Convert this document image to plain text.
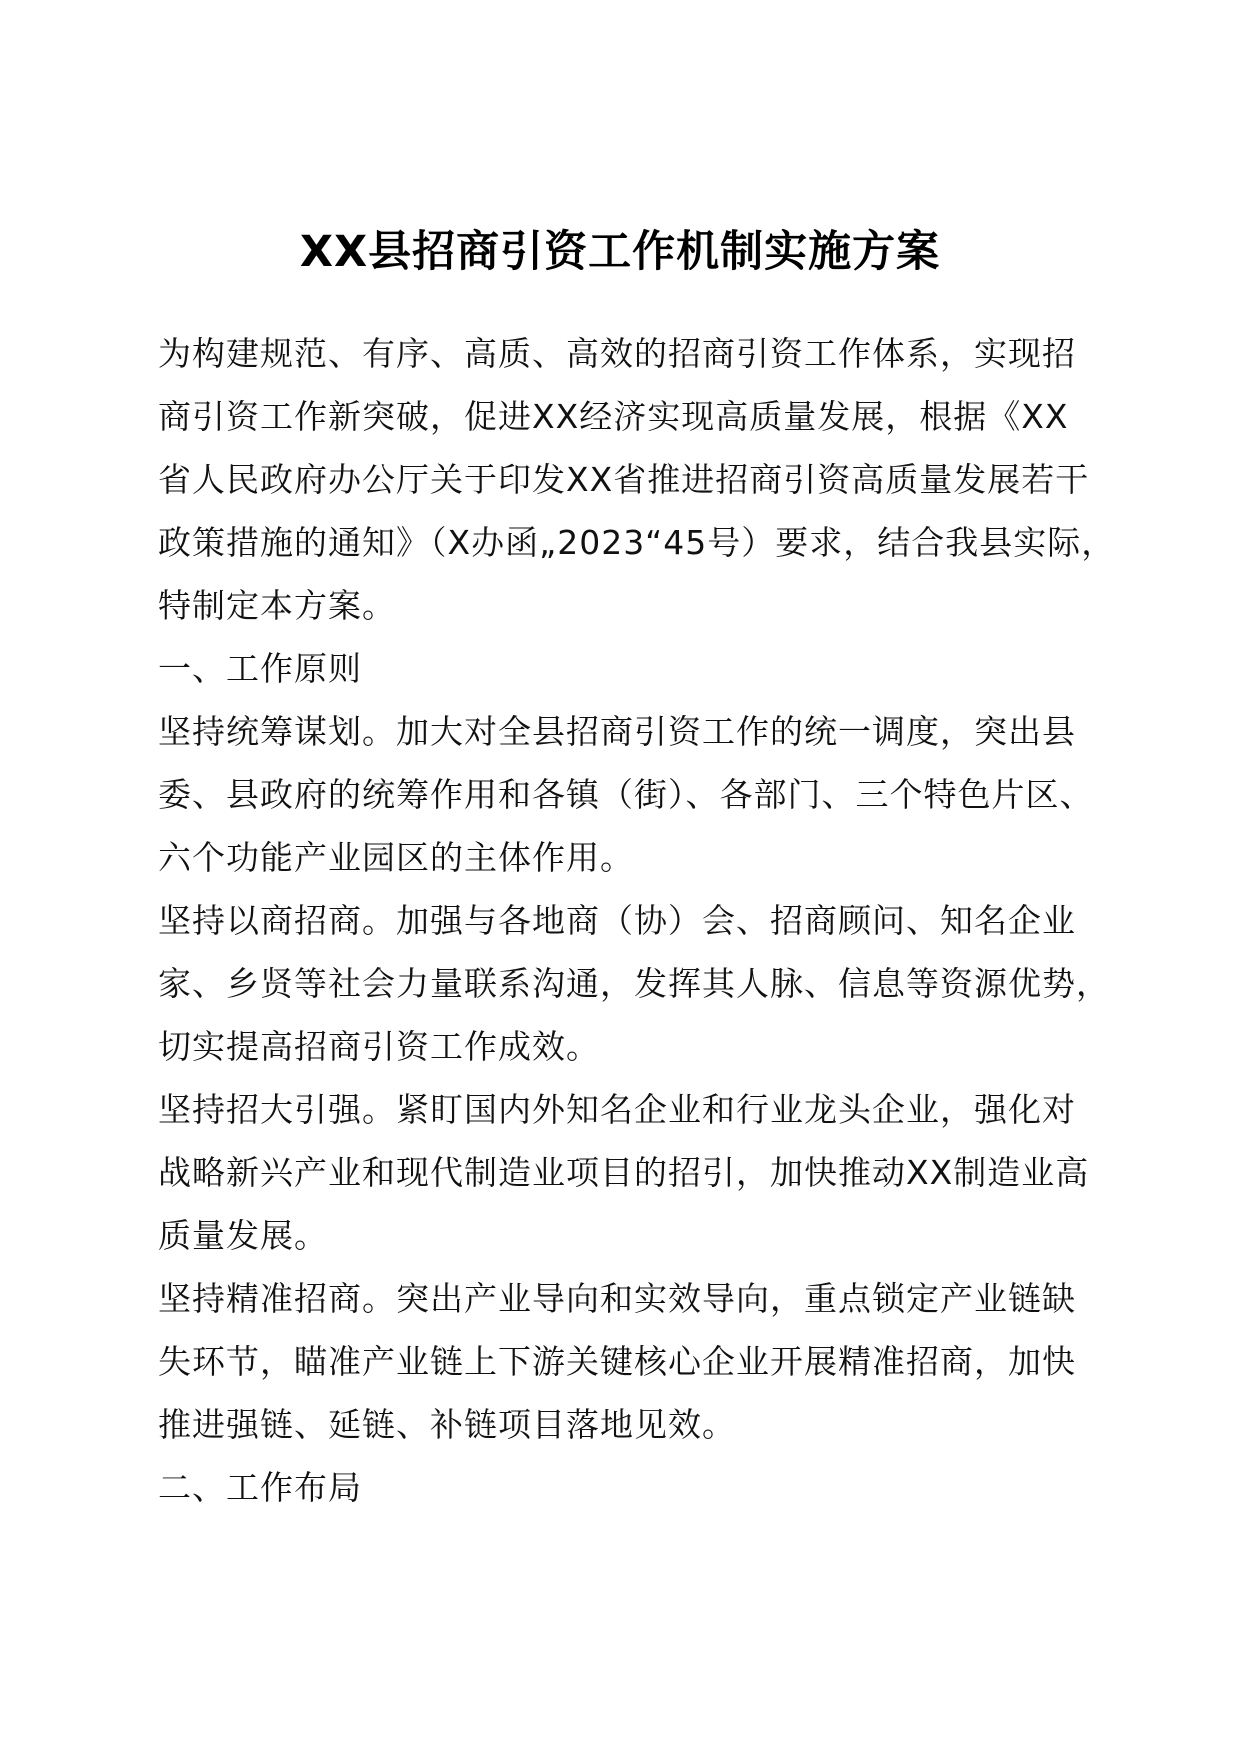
XX县招商引资工作机制实施方案
为构建规范、有序、高质、高效的招商引资工作体系，实现招
商引资工作新突破，促进XX经济实现高质量发展，根据《XX
省人民政府办公厅关于印发XX省推进招商引资高质量发展若干
政策措施的通知》（X办函„2023“45号）要求，结合我县实际，
特制定本方案。
一、工作原则
坚持统筹谋划。加大对全县招商引资工作的统一调度，突出县
委、县政府的统筹作用和各镇（街）、各部门、三个特色片区、
六个功能产业园区的主体作用。
坚持以商招商。加强与各地商（协）会、招商顾问、知名企业
家、乡贤等社会力量联系沟通，发挥其人脉、信息等资源优势，
切实提高招商引资工作成效。
坚持招大引强。紧盯国内外知名企业和行业龙头企业，强化对
战略新兴产业和现代制造业项目的招引，加快推动XX制造业高
质量发展。
坚持精准招商。突出产业导向和实效导向，重点锁定产业链缺
失环节，瞄准产业链上下游关键核心企业开展精准招商，加快
推进强链、延链、补链项目落地见效。
二、工作布局
